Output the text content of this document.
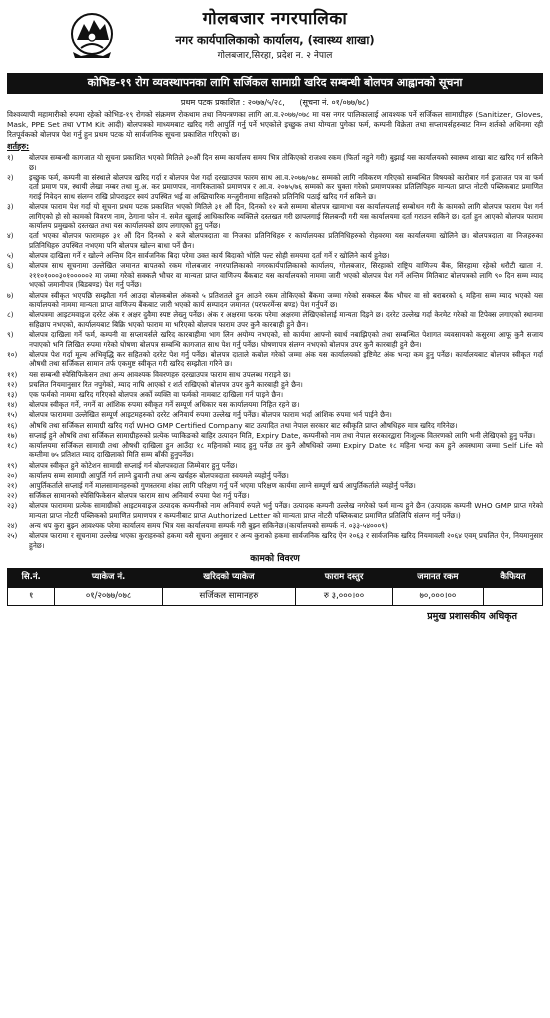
गोलबजार नगरपालिका
नगर कार्यपालिकाको कार्यालय, (स्वास्थ्य शाखा)
गोलबजार,सिरहा, प्रदेश न. २ नेपाल
कोभिड-१९ रोग व्यवस्थापनका लागि सर्जिकल सामाग्री खरिद सम्बन्धी बोलपत्र आह्वानको सूचना
प्रथम पटक प्रकाशित : २०७७/५/२८, (सूचना नं. ०१/०७७/७८)

विश्वव्यापी महामारीको रुपमा रहेको कोभिड-१९ रोगको संक्रमण रोकथाम तथा नियन्त्रणका लागि आ.व.२०७७/०७८ मा यस नगर पालिकालाई आवश्यक पर्ने सर्जिकल सामाग्रीहरु (Sanitizer, Gloves, Mask, PPE Set तथा VTM Kit आदी) बोलपत्रको माध्यमबाट खरिद गरी आपुर्ति गर्नु पर्ने भएकोले इच्छुक तथा योग्यता पुगेका फर्म, कम्पनी विक्रेता तथा सप्लायर्सहरुबाट निम्न शर्तको अधिनमा रही रितपूर्वकको बोलपत्र पेश गर्नु हुन प्रथम पटक यो सार्वजनिक सूचना प्रकाशित गरिएको छ।

शर्तहरु:
१)	बोलपत्र सम्बन्धी कागजात यो सूचना प्रकाशित भएको मितिले ३०औं दिन सम्म कार्यालय समय भित्र तोकिएको राजश्व रकम (फिर्ता नहुने गरी) बुझाई यस कार्यालयको स्वास्थ्य शाखा बाट खरिद गर्न सकिने छ।
२)	इच्छुक फर्म, कम्पनी वा संस्थाले बोलपत्र खरिद गर्दा र बोलपत्र पेश गर्दा दरखाउपत्र फारम साथ आ.व.२०७७/०७८ सम्मको लागि नविकरण गरिएको सम्बन्धित विषयको कारोबार गर्न इजाजत पत्र वा फर्म दर्ता प्रमाण पत्र, स्थायी लेखा नम्बर तथा मु.अ. कर प्रमाणपत्र, नागरिकताको प्रमाणपत्र र आ.व. २०७५/७६ सम्मको कर चुक्ता गरेको प्रमाणपत्रका प्रतिलिपिहरु मान्यता प्राप्त नोटरी पब्लिकबाट प्रमाणित गराई निवेदन साथ संलग्न राखि प्रोपराइटर स्वयं उपस्थित भई वा अख्तियारिक मन्जुरीनामा सहितको प्रतिनिधि पठाई खरिद गर्न सकिने छ।
३)	बोलपत्र फाराम पेश गर्दा यो सूचना प्रथम पटक प्रकाशित भएको मितिले ३१ औं दिन, दिनको १२ बजे सम्ममा बोलपत्र खामाभा यस कार्यालयलाई सम्बोधन गरी के कामको लागि बोलपत्र फाराम पेश गर्न लागिएको हो सो कामको विवरण नाम, ठेगाना फोन नं. समेत खुलाई आधिकारिक व्यक्तिले दस्तखत गरी छापलगाई सिलबन्दी गरी यस कार्यालयमा दर्ता गराउन सकिने छ। दर्ता हुन आएको बोलपत्र फाराम कार्यालय प्रमुखको दस्तखत तथा यस कार्यालयको छाप लगाएको हुनु पर्नेछ।
४)	दर्ता भएका बोलपत्र फारामहरु ३१ औं दिन दिनको २ बजे बोलपत्रदाता वा निजका प्रतिनिधिहरु र कार्यालयका प्रतिनिधिहरुको रोहवरमा यस कार्यालयमा खोलिने छ। बोलपत्रदाता वा निजहरुका प्रतिनिधिहरु उपस्थित नभएमा पनि बोलपत्र खोल्न बाधा पर्ने छैन।
५)	बोलपत्र दाखिला गर्ने र खोल्ने अन्तिम दिन सार्वजनिक बिदा परेमा उक्त कार्य बिदाको भोलि पल्ट सोही समयमा दर्ता गर्ने र खोलिने कार्य हुनेछ।
६)	बोलपत्र साथ सूचनामा उल्लेखित जमानत बापतको रकम गोलबजार नगरपालिकाको नगरकार्यपालिकाको कार्यालय, गोलबजार, सिरहाको राष्ट्रिय वाणिज्य बैंक, सिरहामा रहेको धरौटी खाता नं. २११०१०००३०१०००००२ मा जम्मा गरेको सक्कलै भौचर वा मान्यता प्राप्त वाणिज्य बैंकबाट यस कार्यालयको नाममा जारी भएको बोलपत्र पेश गर्ने अन्तिम मितिबाट बोलपत्रको लागि ९० दिन सम्म म्याद भएको जमानीपत्र (बिडबण्ड) पेश गर्नु पर्नेछ।
७)	बोलपत्र स्वीकृत भएपछि सम्झौता गर्न आउदा बोलकबोल अंकको ५ प्रतिशतले हुन आउने रकम तोकिएको बैंकमा जम्मा गरेको सक्कल बैंक भौचर वा सो बराबरको ६ महिना सम्म म्याद भएको यस कार्यालयको नाममा मान्यता प्राप्त वाणिज्य बैंकबाट जारी भएको कार्य सम्पादन जमानत (परफरर्मेन्स बण्ड) पेश गर्नुपर्ने छ।
८)	बोलपत्रमा आइटमवाइज दररेट अंक र अक्षर दुवैमा स्पष्ट लेख्नु पर्नेछ। अंक र अक्षरमा फरक परेमा अक्षरमा लेखिएकोलाई मान्यता दिइने छ। दररेट उल्लेख गर्दा केरमेट गरेको वा टिपेक्स लगाएको स्थानमा सहिछाप नभएको, कार्यालयबाट बिक्रि भएको फाराम मा भरिएको बोलपत्र फाराम उपर कुनै कारबाही हुने छैन।
९)	बोलपत्र दाखिला गर्ने फर्म, कम्पनी वा सप्लायर्सले खरिद कारबाहीमा भाग लिन अयोग्य नभएको, सो कार्यमा आफ्नो स्वार्थ नबाझिएको तथा सम्बन्धित पेशागत व्यवसायको कसुरमा आफू कुनै सजाय नपाएको भनि लिखित रुपमा गरेको घोषणा बोलपत्र सम्बन्धि कागजात साथ पेश गर्नु पर्नेछ। घोषणापत्र संलग्न नभएको बोलपत्र उपर कुनै कारबाही हुने छैन।
१०)	बोलपत्र पेश गर्दा मूल्य अभिवृद्धि कर सहितको दररेट पेश गर्नु पर्नेछ। बोलपत्र दाताले कबोल गरेको जम्मा अंक यस कार्यालयको इष्टिमेट अंक भन्दा कम हुनु पर्नेछ। कार्यालयबाट बोलपत्र स्वीकृत गर्दा औषधी तथा सर्जिकल सामान तर्फ एकमुष्ट स्वीकृत गरी खरिद सम्झौता गरिने छ।
११)	यस सम्बन्धी स्पेसिफिकेसन तथा अन्य आवश्यक विवरणहरु दरखाउपत्र फाराम साथ उपलब्ध गराइने छ।
१२)	प्रचलित नियमानुसार रित नपुगेको, म्याद नाघि आएको र शर्त राखिएको बोलपत्र उपर कुनै कारबाही हुने छैन।
१३)	एक फर्मको नाममा खरिद गरिएको बोलपत्र अर्को व्यक्ति वा फर्मको नामबाट दाखिला गर्न पाइने छैन।
१४)	बोलपत्र स्वीकृत गर्ने, नगर्ने वा आंशिक रुपमा स्वीकृत गर्ने सम्पूर्ण अधिकार यस कार्यालयमा निहित रहने छ।
१५)	बोलपत्र फाराममा उल्लेखित सम्पूर्ण आइटमहरुको दररेट अनिवार्य रुपमा उल्लेख गर्नु पर्नेछ। बोलपत्र फाराम भर्दा आंशिक रुपमा भर्न पाईने छैन।
१६)	औषधि तथा सर्जिकल सामाग्री खरिद गर्दा WHO GMP Certified Company बाट उत्पादित तथा नेपाल सरकार बाट स्वीकृति प्राप्त औषधिहरु मात्र खरिद गरिनेछ।
१७)	सप्लाई हुने औषधि तथा सर्जिकल सामाग्रीहरुको प्रत्येक प्याकिङको बाहिर उत्पादन मिति, Expiry Date, कम्पनीको नाम तथा नेपाल सरकारद्वारा निःशुल्क वितरणको लागि भनी लेखिएको हुनु पर्नेछ।
१८)	कार्यालयमा सर्जिकल सामाग्री तथा औषधी दाखिला हुन आउँदा १८ महिनाको म्याद हुनु पर्नेछ तर कुनै औषधिको जम्मा Expiry Date १८ महिना भन्दा कम हुने अवस्थामा जम्मा Self Life को कम्तीमा ७५ प्रतिशत म्याद दाखिलाको मिति सम्म बाँकी हुनुपर्नेछ।
१९)	बोलपत्र स्वीकृत हुने कोटेशन सामाग्री सप्लाई गर्न बोलपत्रदाता जिम्मेवार हुनु पर्नेछ।
२०)	कार्यालय सम्म सामाग्री आपुर्ति गर्न लाग्ने ढुवानी तथा अन्य खर्चहरु बोलपत्रदाता स्वयमले व्यहोर्नु पर्नेछ।
२१)	आपुर्तिकर्ताले सप्लाई गर्ने मालसामानहरुको गुणस्तरमा शंका लागि परिक्षण गर्नु पर्ने भएमा परिक्षण कार्यमा लाग्ने सम्पूर्ण खर्च आपुर्तिकर्ताले व्यहोर्नु पर्नेछ।
२२)	सर्जिकल सामानको स्पेसिफिकेसन बोलपत्र फाराम साथ अनिवार्य रुपमा पेश गर्नु पर्नेछ।
२३)	बोलपत्र फाराममा प्रत्येक सामाग्रीको आइटमवाइज उत्पादक कम्पनीको नाम अनिवार्य रुपले भर्नु पर्नेछ। उत्पादक कम्पनी उल्लेख नगरेको फर्म मान्य हुने छैन (उत्पादक कम्पनी WHO GMP प्राप्त गरेको मान्यता प्राप्त नोटरी पब्लिकको प्रमाणित प्रमाणपत्र र कम्पनीबाट प्राप्त Authorized Letter को मान्यता प्राप्त नोटरी पब्लिकबाट प्रमाणित प्रतिलिपि संलग्न गर्नु पर्नेछ।)
२४)	अन्य थप कुरा बुझ्न आवश्यक परेमा कार्यालय समय भित्र यस कार्यालयमा सम्पर्क गरी बुझ्न सकिनेछ।(कार्यालयको सम्पर्क नं. ०३३-५४०००९)
२५)	बोलपत्र फारामा र सूचनामा उल्लेख भएका कुराहरुको हकमा यसै सूचना अनुसार र अन्य कुराको हकमा सार्वजनिक खरिद ऐन २०६३ र सार्वजनिक खरिद नियमावली २०६४ एवम् प्रचलित ऐन, नियमानुसार हुनेछ।
कामको विवरण
सि.नं.	प्याकेज नं.	खरिदको प्याकेज	फाराम दस्तुर	जमानत रकम	कैफियत
१	०१/२०७७/०७८	सर्जिकल सामानहरु	रु ३,०००।००	७०,०००।००	
प्रमुख प्रशासकीय अधिकृत
